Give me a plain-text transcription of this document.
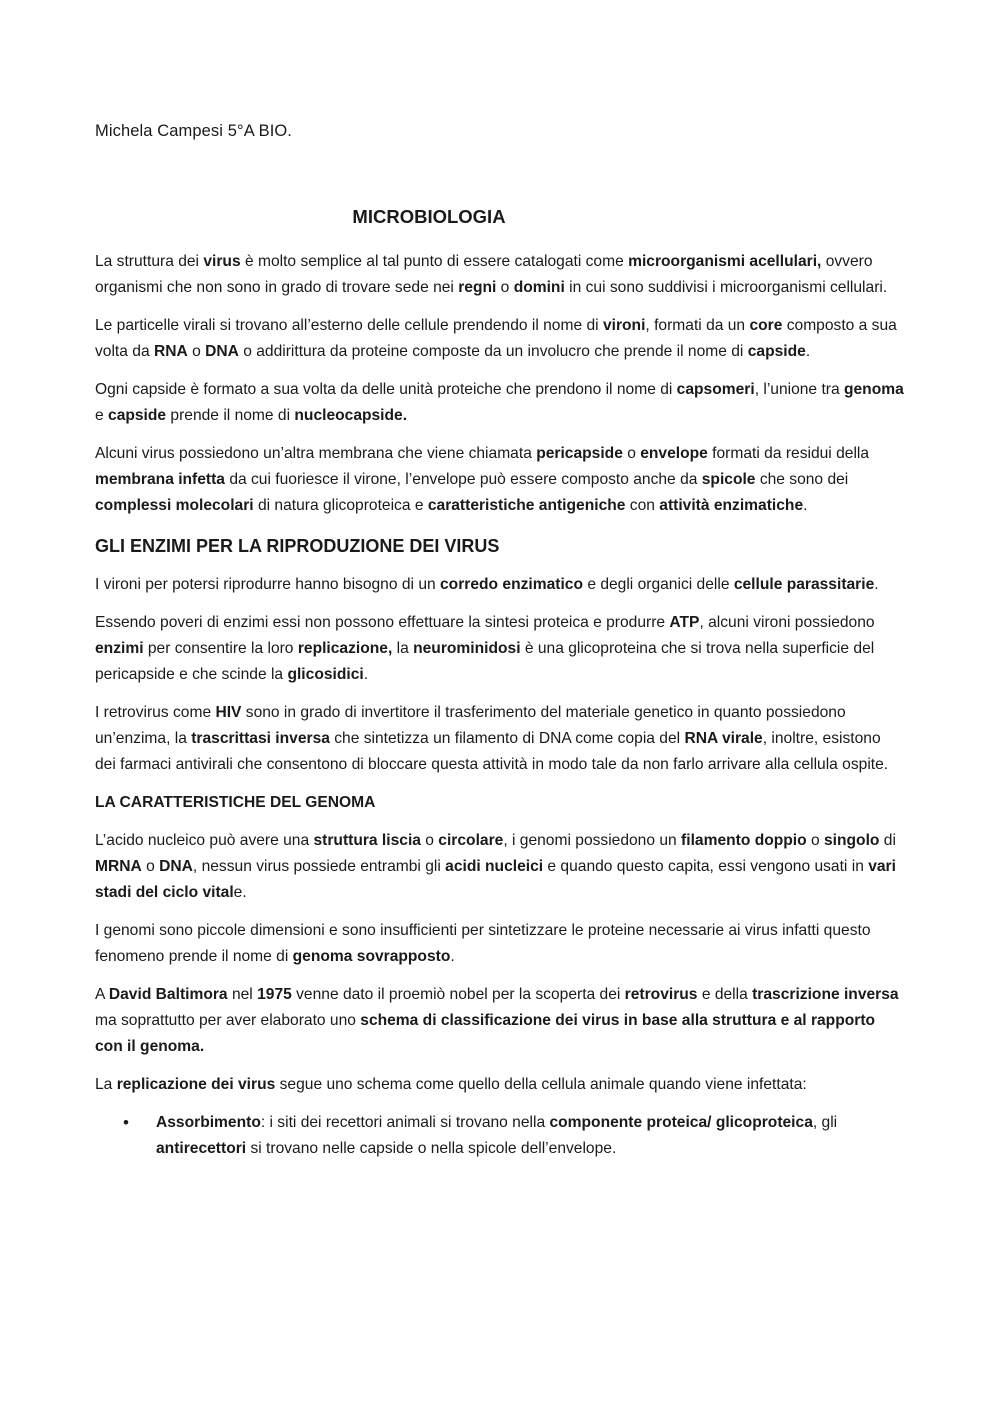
Michela Campesi 5°A BIO.
MICROBIOLOGIA

La struttura dei virus è molto semplice al tal punto di essere catalogati come microorganismi acellulari, ovvero organismi che non sono in grado di trovare sede nei regni o domini in cui sono suddivisi i microorganismi cellulari.

Le particelle virali si trovano all’esterno delle cellule prendendo il nome di vironi, formati da un core composto a sua volta da RNA o DNA o addirittura da proteine composte da un involucro che prende il nome di capside.

Ogni capside è formato a sua volta da delle unità proteiche che prendono il nome di capsomeri, l’unione tra genoma e capside prende il nome di nucleocapside.

Alcuni virus possiedono un’altra membrana che viene chiamata pericapside o envelope formati da residui della membrana infetta da cui fuoriesce il virone, l’envelope può essere composto anche da spicole che sono dei complessi molecolari di natura glicoproteica e caratteristiche antigeniche con attività enzimatiche.

GLI ENZIMI PER LA RIPRODUZIONE DEI VIRUS

I vironi per potersi riprodurre hanno bisogno di un corredo enzimatico e degli organici delle cellule parassitarie.

Essendo poveri di enzimi essi non possono effettuare la sintesi proteica e produrre ATP, alcuni vironi possiedono enzimi per consentire la loro replicazione, la neurominidosi è una glicoproteina che si trova nella superficie del pericapside e che scinde la glicosidici.

I retrovirus come HIV sono in grado di invertitore il trasferimento del materiale genetico in quanto possiedono un’enzima, la trascrittasi inversa che sintetizza un filamento di DNA come copia del RNA virale, inoltre, esistono dei farmaci antivirali che consentono di bloccare questa attività in modo tale da non farlo arrivare alla cellula ospite.

LA CARATTERISTICHE DEL GENOMA

L’acido nucleico può avere una struttura liscia o circolare, i genomi possiedono un filamento doppio o singolo di MRNA o DNA, nessun virus possiede entrambi gli acidi nucleici e quando questo capita, essi vengono usati in vari stadi del ciclo vitale.

I genomi sono piccole dimensioni e sono insufficienti per sintetizzare le proteine necessarie ai virus infatti questo fenomeno prende il nome di genoma sovrapposto.

A David Baltimora nel 1975 venne dato il proemiò nobel per la scoperta dei retrovirus e della trascrizione inversa ma soprattutto per aver elaborato uno schema di classificazione dei virus in base alla struttura e al rapporto con il genoma.

La replicazione dei virus segue uno schema come quello della cellula animale quando viene infettata:

• Assorbimento: i siti dei recettori animali si trovano nella componente proteica/ glicoproteica, gli antirecettori si trovano nelle capside o nella spicole dell’envelope.
